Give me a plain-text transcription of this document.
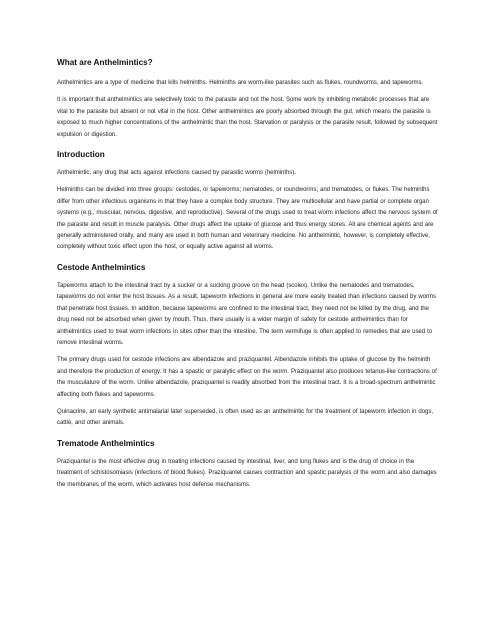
What are Anthelmintics?
Anthelmintics are a type of medicine that kills helminths. Helminths are worm-like parasites such as flukes, roundworms, and tapeworms.
It is important that anthelmintics are selectively toxic to the parasite and not the host. Some work by inhibiting metabolic processes that are vital to the parasite but absent or not vital in the host. Other anthelmintics are poorly absorbed through the gut, which means the parasite is exposed to much higher concentrations of the anthelmintic than the host. Starvation or paralysis or the parasite result, followed by subsequent expulsion or digestion.
Introduction
Anthelmintic, any drug that acts against infections caused by parasitic worms (helminths).
Helminths can be divided into three groups: cestodes, or tapeworms; nematodes, or roundworms; and trematodes, or flukes. The helminths differ from other infectious organisms in that they have a complex body structure. They are multicellular and have partial or complete organ systems (e.g., muscular, nervous, digestive, and reproductive). Several of the drugs used to treat worm infections affect the nervous system of the parasite and result in muscle paralysis. Other drugs affect the uptake of glucose and thus energy stores. All are chemical agents and are generally administered orally, and many are used in both human and veterinary medicine. No anthelmintic, however, is completely effective, completely without toxic effect upon the host, or equally active against all worms.
Cestode Anthelmintics
Tapeworms attach to the intestinal tract by a sucker or a sucking groove on the head (scolex). Unlike the nematodes and trematodes, tapeworms do not enter the host tissues. As a result, tapeworm infections in general are more easily treated than infections caused by worms that penetrate host tissues. In addition, because tapeworms are confined to the intestinal tract, they need not be killed by the drug, and the drug need not be absorbed when given by mouth. Thus, there usually is a wider margin of safety for cestode anthelmintics than for anthelmintics used to treat worm infections in sites other than the intestine. The term vermifuge is often applied to remedies that are used to remove intestinal worms.
The primary drugs used for cestode infections are albendazole and praziquantel. Albendazole inhibits the uptake of glucose by the helminth and therefore the production of energy. It has a spastic or paralytic effect on the worm. Praziquantel also produces tetanus-like contractions of the musculature of the worm. Unlike albendazole, praziquantel is readily absorbed from the intestinal tract. It is a broad-spectrum anthelmintic affecting both flukes and tapeworms.
Quinacrine, an early synthetic antimalarial later superseded, is often used as an anthelmintic for the treatment of tapeworm infection in dogs, cattle, and other animals.
Trematode Anthelmintics
Praziquantel is the most effective drug in treating infections caused by intestinal, liver, and lung flukes and is the drug of choice in the treatment of schistosomiasis (infections of blood flukes). Praziquantel causes contraction and spastic paralysis of the worm and also damages the membranes of the worm, which activates host defense mechanisms.
